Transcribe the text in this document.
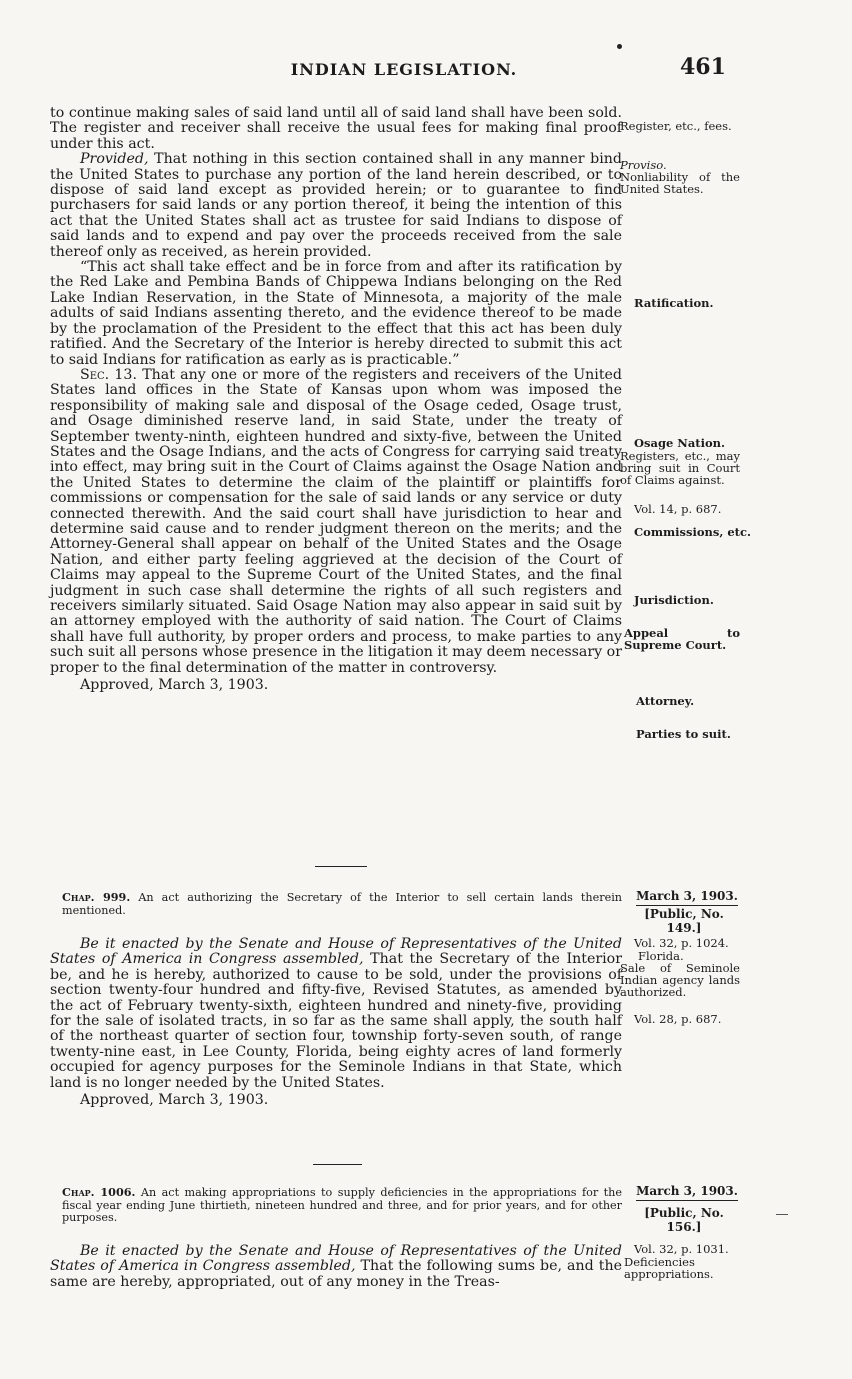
INDIAN LEGISLATION.	461
to continue making sales of said land until all of said land shall have been sold. The register and receiver shall receive the usual fees for making final proof under this act.
Provided, That nothing in this section contained shall in any manner bind the United States to purchase any portion of the land herein described, or to dispose of said land except as provided herein; or to guarantee to find purchasers for said lands or any portion thereof, it being the intention of this act that the United States shall act as trustee for said Indians to dispose of said lands and to expend and pay over the proceeds received from the sale thereof only as received, as herein provided.
“This act shall take effect and be in force from and after its ratification by the Red Lake and Pembina Bands of Chippewa Indians belonging on the Red Lake Indian Reservation, in the State of Minnesota, a majority of the male adults of said Indians assenting thereto, and the evidence thereof to be made by the proclamation of the President to the effect that this act has been duly ratified. And the Secretary of the Interior is hereby directed to submit this act to said Indians for ratification as early as is practicable.”
Sec. 13. That any one or more of the registers and receivers of the United States land offices in the State of Kansas upon whom was imposed the responsibility of making sale and disposal of the Osage ceded, Osage trust, and Osage diminished reserve land, in said State, under the treaty of September twenty-ninth, eighteen hundred and sixty-five, between the United States and the Osage Indians, and the acts of Congress for carrying said treaty into effect, may bring suit in the Court of Claims against the Osage Nation and the United States to determine the claim of the plaintiff or plaintiffs for commissions or compensation for the sale of said lands or any service or duty connected therewith. And the said court shall have jurisdiction to hear and determine said cause and to render judgment thereon on the merits; and the Attorney-General shall appear on behalf of the United States and the Osage Nation, and either party feeling aggrieved at the decision of the Court of Claims may appeal to the Supreme Court of the United States, and the final judgment in such case shall determine the rights of all such registers and receivers similarly situated. Said Osage Nation may also appear in said suit by an attorney employed with the authority of said nation. The Court of Claims shall have full authority, by proper orders and process, to make parties to any such suit all persons whose presence in the litigation it may deem necessary or proper to the final determination of the matter in controversy.
Approved, March 3, 1903.
Chap. 999. An act authorizing the Secretary of the Interior to sell certain lands therein mentioned.
March 3, 1903.
[Public, No. 149.]
Be it enacted by the Senate and House of Representatives of the United States of America in Congress assembled, That the Secretary of the Interior be, and he is hereby, authorized to cause to be sold, under the provisions of section twenty-four hundred and fifty-five, Revised Statutes, as amended by the act of February twenty-sixth, eighteen hundred and ninety-five, providing for the sale of isolated tracts, in so far as the same shall apply, the south half of the northeast quarter of section four, township forty-seven south, of range twenty-nine east, in Lee County, Florida, being eighty acres of land formerly occupied for agency purposes for the Seminole Indians in that State, which land is no longer needed by the United States.
Approved, March 3, 1903.
Chap. 1006. An act making appropriations to supply deficiencies in the appropriations for the fiscal year ending June thirtieth, nineteen hundred and three, and for prior years, and for other purposes.
March 3, 1903.
[Public, No. 156.]
Be it enacted by the Senate and House of Representatives of the United States of America in Congress assembled, That the following sums be, and the same are hereby, appropriated, out of any money in the Treas-
Register, etc., fees.
Proviso.
Nonliability of the United States.
Ratification.
Osage Nation.
Registers, etc., may bring suit in Court of Claims against.
Vol. 14, p. 687.
Commissions, etc.
Jurisdiction.
Appeal to Supreme Court.
Attorney.
Parties to suit.
Vol. 32, p. 1024.
Florida.
Sale of Seminole Indian agency lands authorized.
Vol. 28, p. 687.
Vol. 32, p. 1031.
Deficiencies appropriations.
